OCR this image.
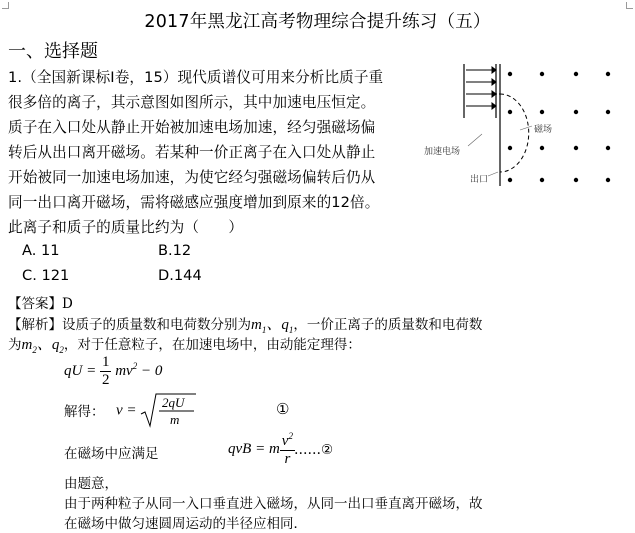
2017年黑龙江高考物理综合提升练习（五）
一、选择题
1.（全国新课标Ⅰ卷，15）现代质谱仪可用来分析比质子重
很多倍的离子，其示意图如图所示，其中加速电压恒定。
质子在入口处从静止开始被加速电场加速，经匀强磁场偏
转后从出口离开磁场。若某种一价正离子在入口处从静止
开始被同一加速电场加速，为使它经匀强磁场偏转后仍从
同一出口离开磁场，需将磁感应强度增加到原来的12倍。
此离子和质子的质量比约为（　　）
A. 11	B.12
C. 121	D.144
磁场
加速电场
出口
【答案】D
【解析】设质子的质量数和电荷数分别为$m_1$、$q_1$，一价正离子的质量数和电荷数
为$m_2$、$q_2$，对于任意粒子，在加速电场中，由动能定理得：
qU = $\frac{1}{2} mv^2 - 0$
解得： v = 2qU
m
①
在磁场中应满足	qvB = m $\frac{v^2}{r}$ ……②
由题意，
由于两种粒子从同一入口垂直进入磁场，从同一出口垂直离开磁场，故
在磁场中做匀速圆周运动的半径应相同．
